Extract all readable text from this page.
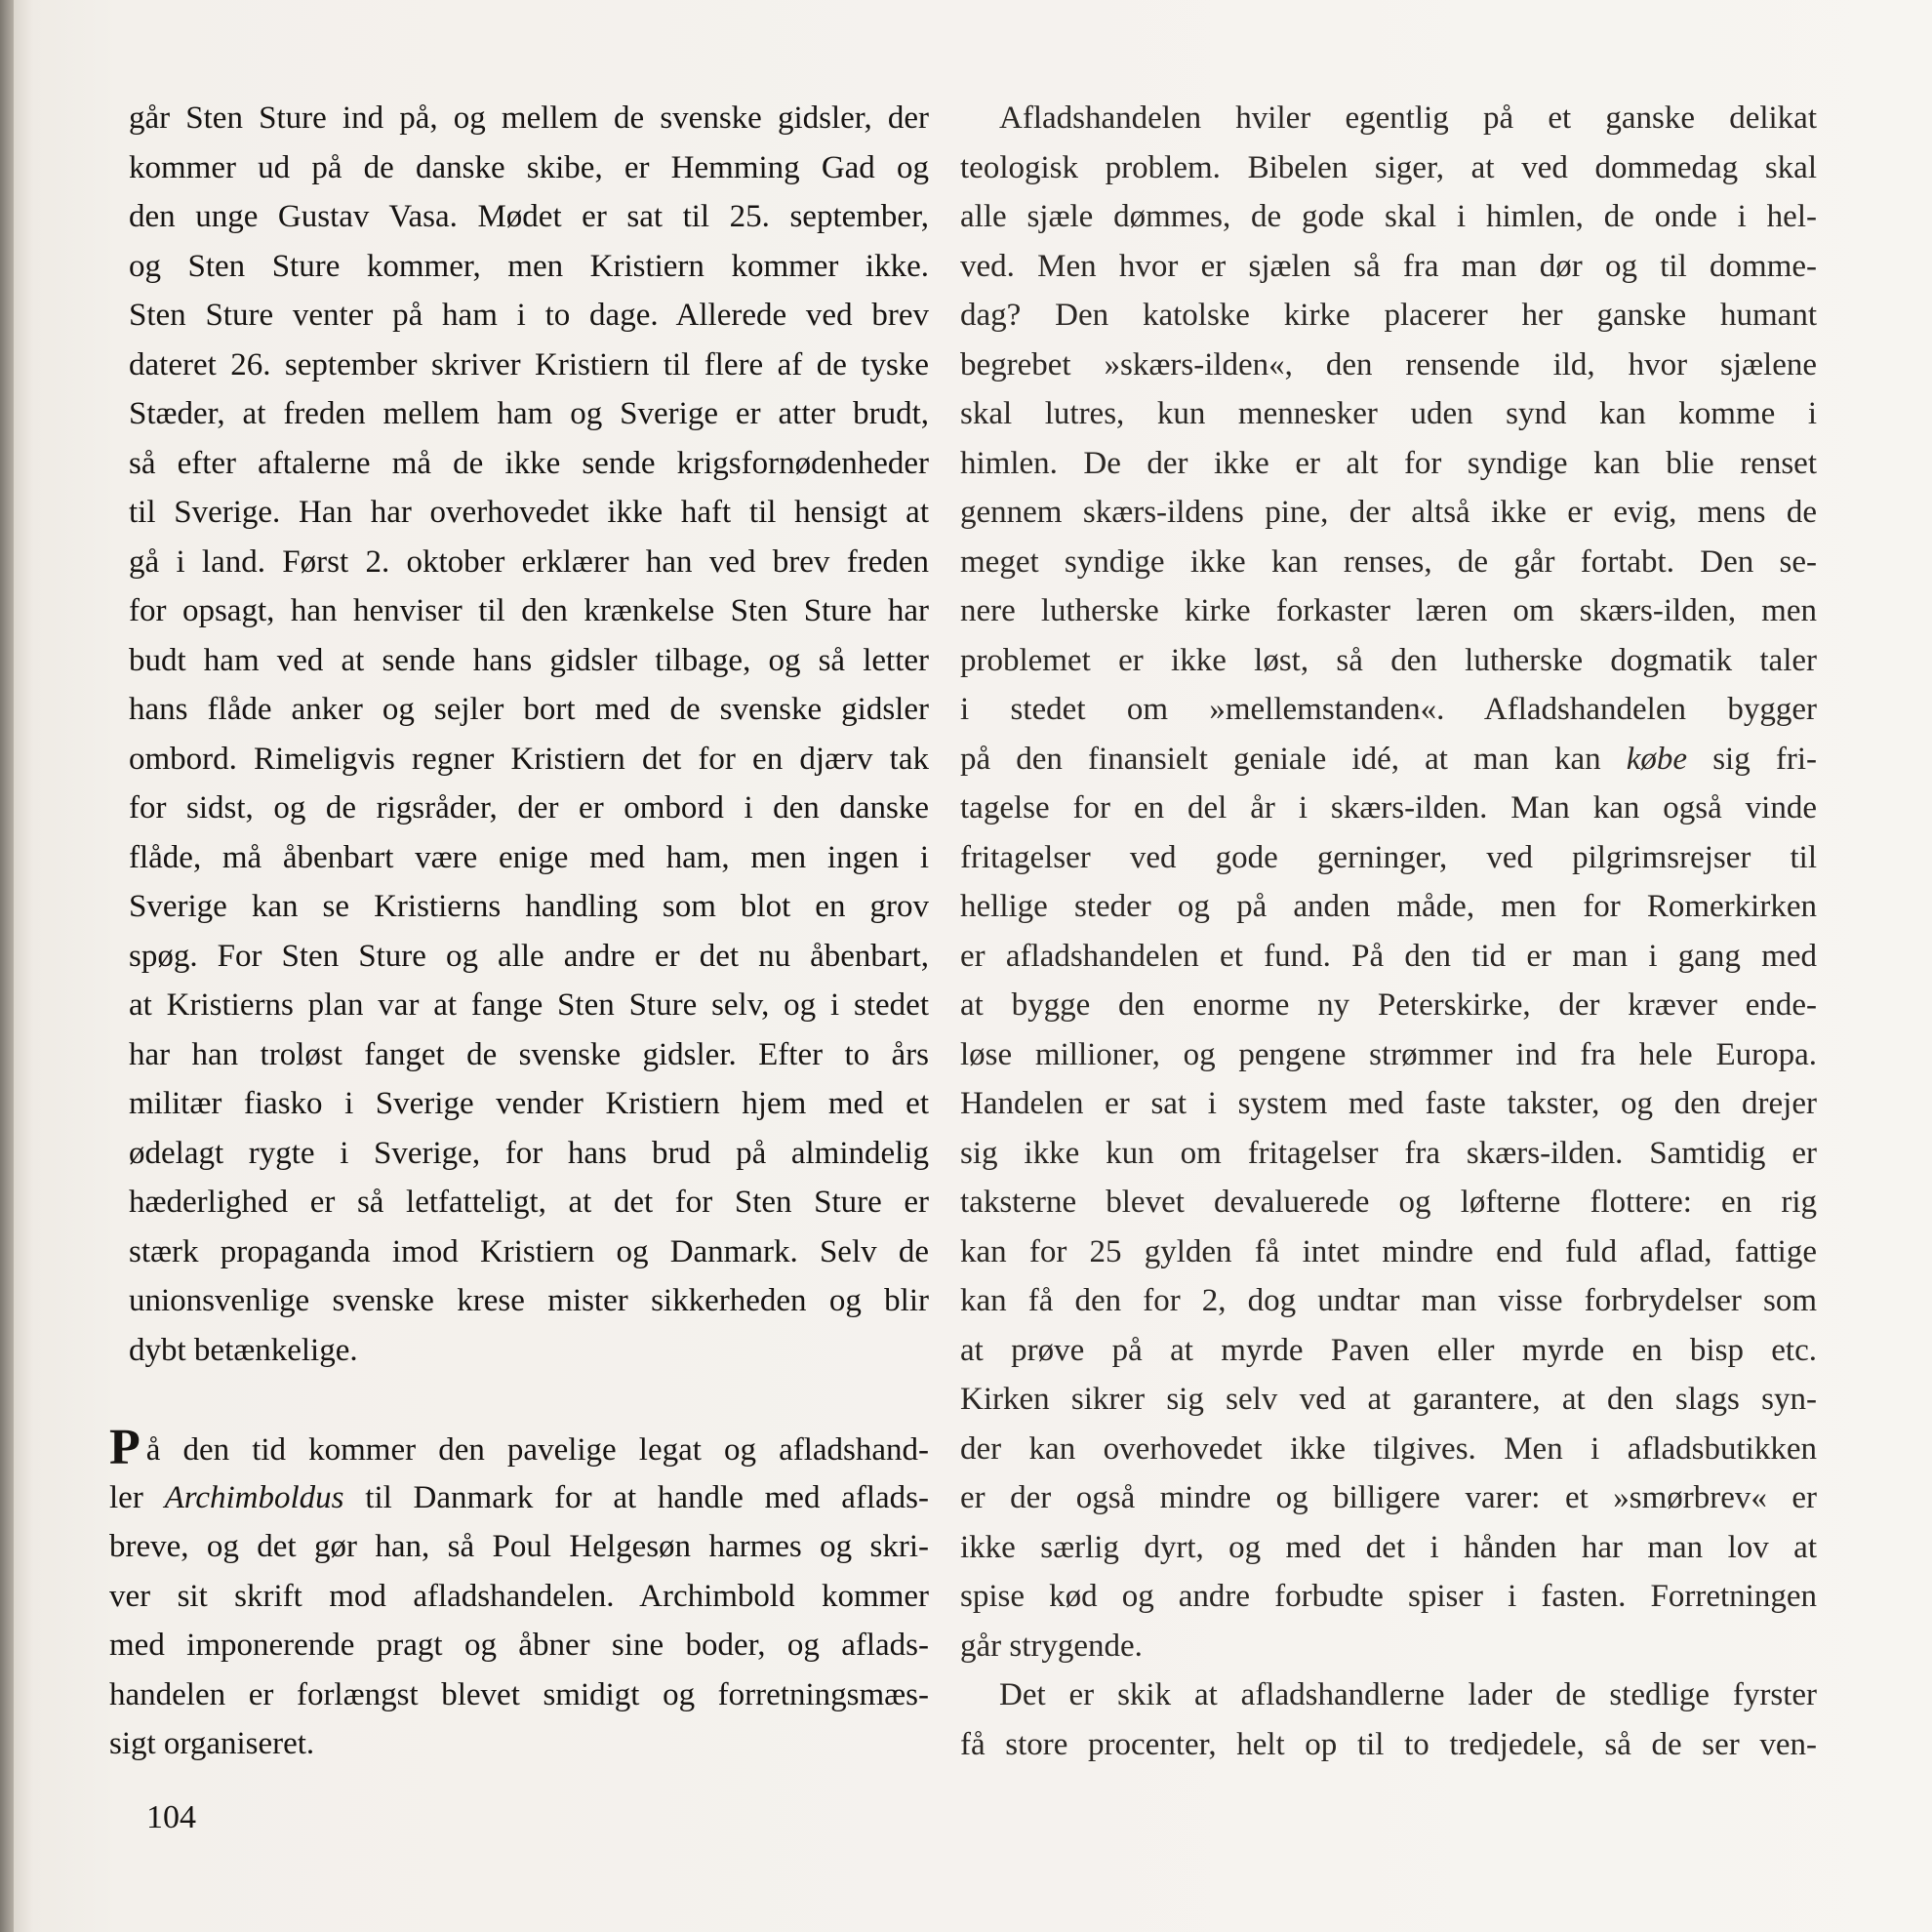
går Sten Sture ind på, og mellem de svenske gidsler, der
kommer ud på de danske skibe, er Hemming Gad og
den unge Gustav Vasa. Mødet er sat til 25. september,
og Sten Sture kommer, men Kristiern kommer ikke.
Sten Sture venter på ham i to dage. Allerede ved brev
dateret 26. september skriver Kristiern til flere af de tyske
Stæder, at freden mellem ham og Sverige er atter brudt,
så efter aftalerne må de ikke sende krigsfornødenheder
til Sverige. Han har overhovedet ikke haft til hensigt at
gå i land. Først 2. oktober erklærer han ved brev freden
for opsagt, han henviser til den krænkelse Sten Sture har
budt ham ved at sende hans gidsler tilbage, og så letter
hans flåde anker og sejler bort med de svenske gidsler
ombord. Rimeligvis regner Kristiern det for en djærv tak
for sidst, og de rigsråder, der er ombord i den danske
flåde, må åbenbart være enige med ham, men ingen i
Sverige kan se Kristierns handling som blot en grov
spøg. For Sten Sture og alle andre er det nu åbenbart,
at Kristierns plan var at fange Sten Sture selv, og i stedet
har han troløst fanget de svenske gidsler. Efter to års
militær fiasko i Sverige vender Kristiern hjem med et
ødelagt rygte i Sverige, for hans brud på almindelig
hæderlighed er så letfatteligt, at det for Sten Sture er
stærk propaganda imod Kristiern og Danmark. Selv de
unionsvenlige svenske krese mister sikkerheden og blir
dybt betænkelige.
På den tid kommer den pavelige legat og afladshand-
ler Archimboldus til Danmark for at handle med aflads-
breve, og det gør han, så Poul Helgesøn harmes og skri-
ver sit skrift mod afladshandelen. Archimbold kommer
med imponerende pragt og åbner sine boder, og aflads-
handelen er forlængst blevet smidigt og forretningsmæs-
sigt organiseret.
Afladshandelen hviler egentlig på et ganske delikat
teologisk problem. Bibelen siger, at ved dommedag skal
alle sjæle dømmes, de gode skal i himlen, de onde i hel-
ved. Men hvor er sjælen så fra man dør og til domme-
dag? Den katolske kirke placerer her ganske humant
begrebet »skærs-ilden«, den rensende ild, hvor sjælene
skal lutres, kun mennesker uden synd kan komme i
himlen. De der ikke er alt for syndige kan blie renset
gennem skærs-ildens pine, der altså ikke er evig, mens de
meget syndige ikke kan renses, de går fortabt. Den se-
nere lutherske kirke forkaster læren om skærs-ilden, men
problemet er ikke løst, så den lutherske dogmatik taler
i stedet om »mellemstanden«. Afladshandelen bygger
på den finansielt geniale idé, at man kan købe sig fri-
tagelse for en del år i skærs-ilden. Man kan også vinde
fritagelser ved gode gerninger, ved pilgrimsrejser til
hellige steder og på anden måde, men for Romerkirken
er afladshandelen et fund. På den tid er man i gang med
at bygge den enorme ny Peterskirke, der kræver ende-
løse millioner, og pengene strømmer ind fra hele Europa.
Handelen er sat i system med faste takster, og den drejer
sig ikke kun om fritagelser fra skærs-ilden. Samtidig er
taksterne blevet devaluerede og løfterne flottere: en rig
kan for 25 gylden få intet mindre end fuld aflad, fattige
kan få den for 2, dog undtar man visse forbrydelser som
at prøve på at myrde Paven eller myrde en bisp etc.
Kirken sikrer sig selv ved at garantere, at den slags syn-
der kan overhovedet ikke tilgives. Men i afladsbutikken
er der også mindre og billigere varer: et »smørbrev« er
ikke særlig dyrt, og med det i hånden har man lov at
spise kød og andre forbudte spiser i fasten. Forretningen
går strygende.
Det er skik at afladshandlerne lader de stedlige fyrster
få store procenter, helt op til to tredjedele, så de ser ven-
104
